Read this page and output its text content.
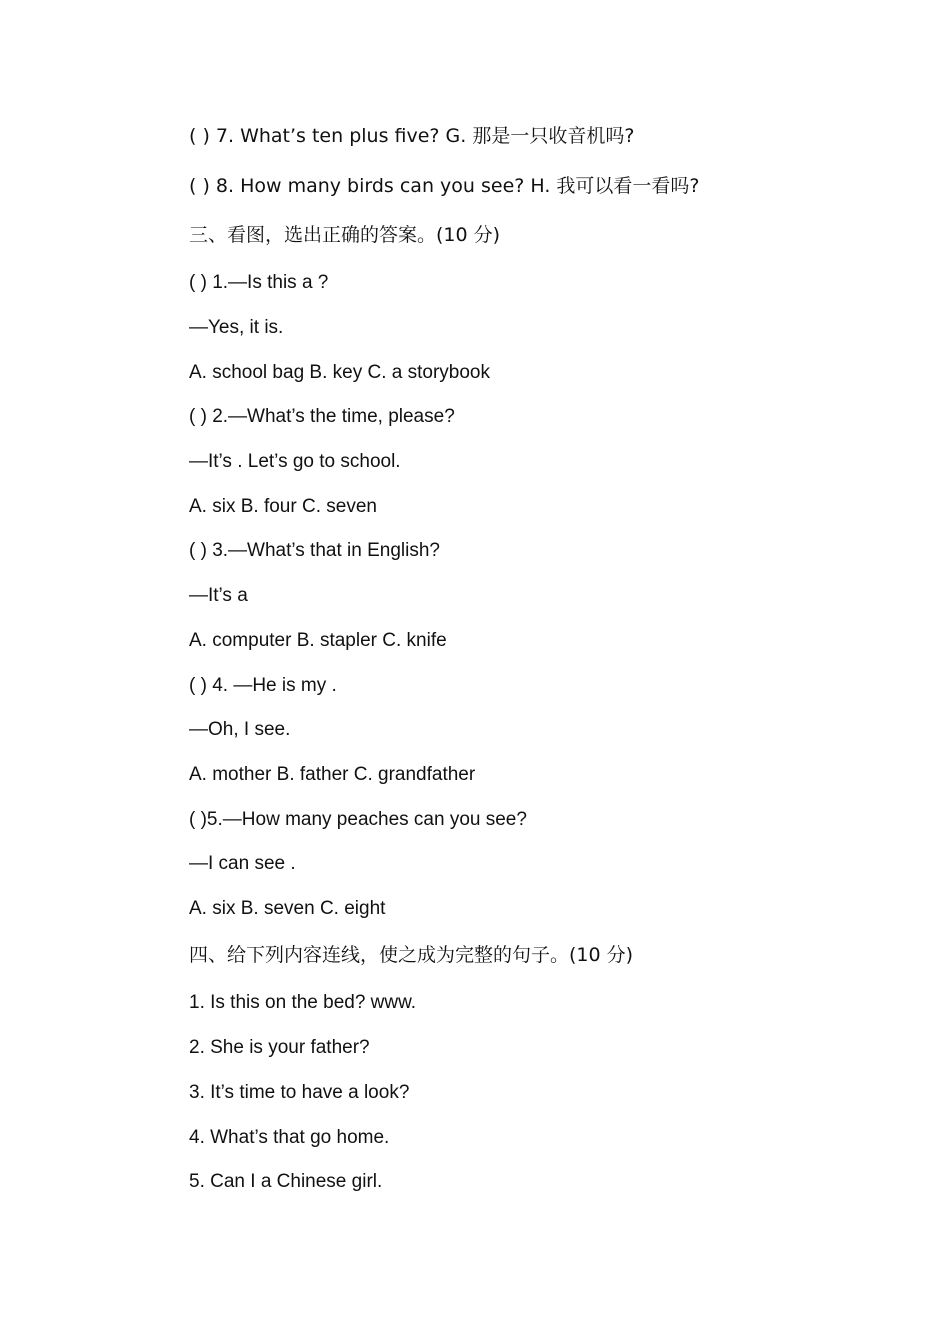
( ) 7. What’s ten plus five? G. 那是一只收音机吗?
( ) 8. How many birds can you see? H. 我可以看一看吗?
三、看图，选出正确的答案。(10 分)
( ) 1.—Is this a ?
—Yes, it is.
A. school bag B. key C. a storybook
( ) 2.—What’s the time, please?
—It’s . Let’s go to school.
A. six B. four C. seven
( ) 3.—What’s that in English?
—It’s a
A. computer B. stapler C. knife
( ) 4. —He is my .
—Oh, I see.
A. mother B. father C. grandfather
( )5.—How many peaches can you see?
—I can see .
A. six B. seven C. eight
四、给下列内容连线，使之成为完整的句子。(10 分)
1. Is this on the bed? www.
2. She is your father?
3. It’s time to have a look?
4. What’s that go home.
5. Can I a Chinese girl.
